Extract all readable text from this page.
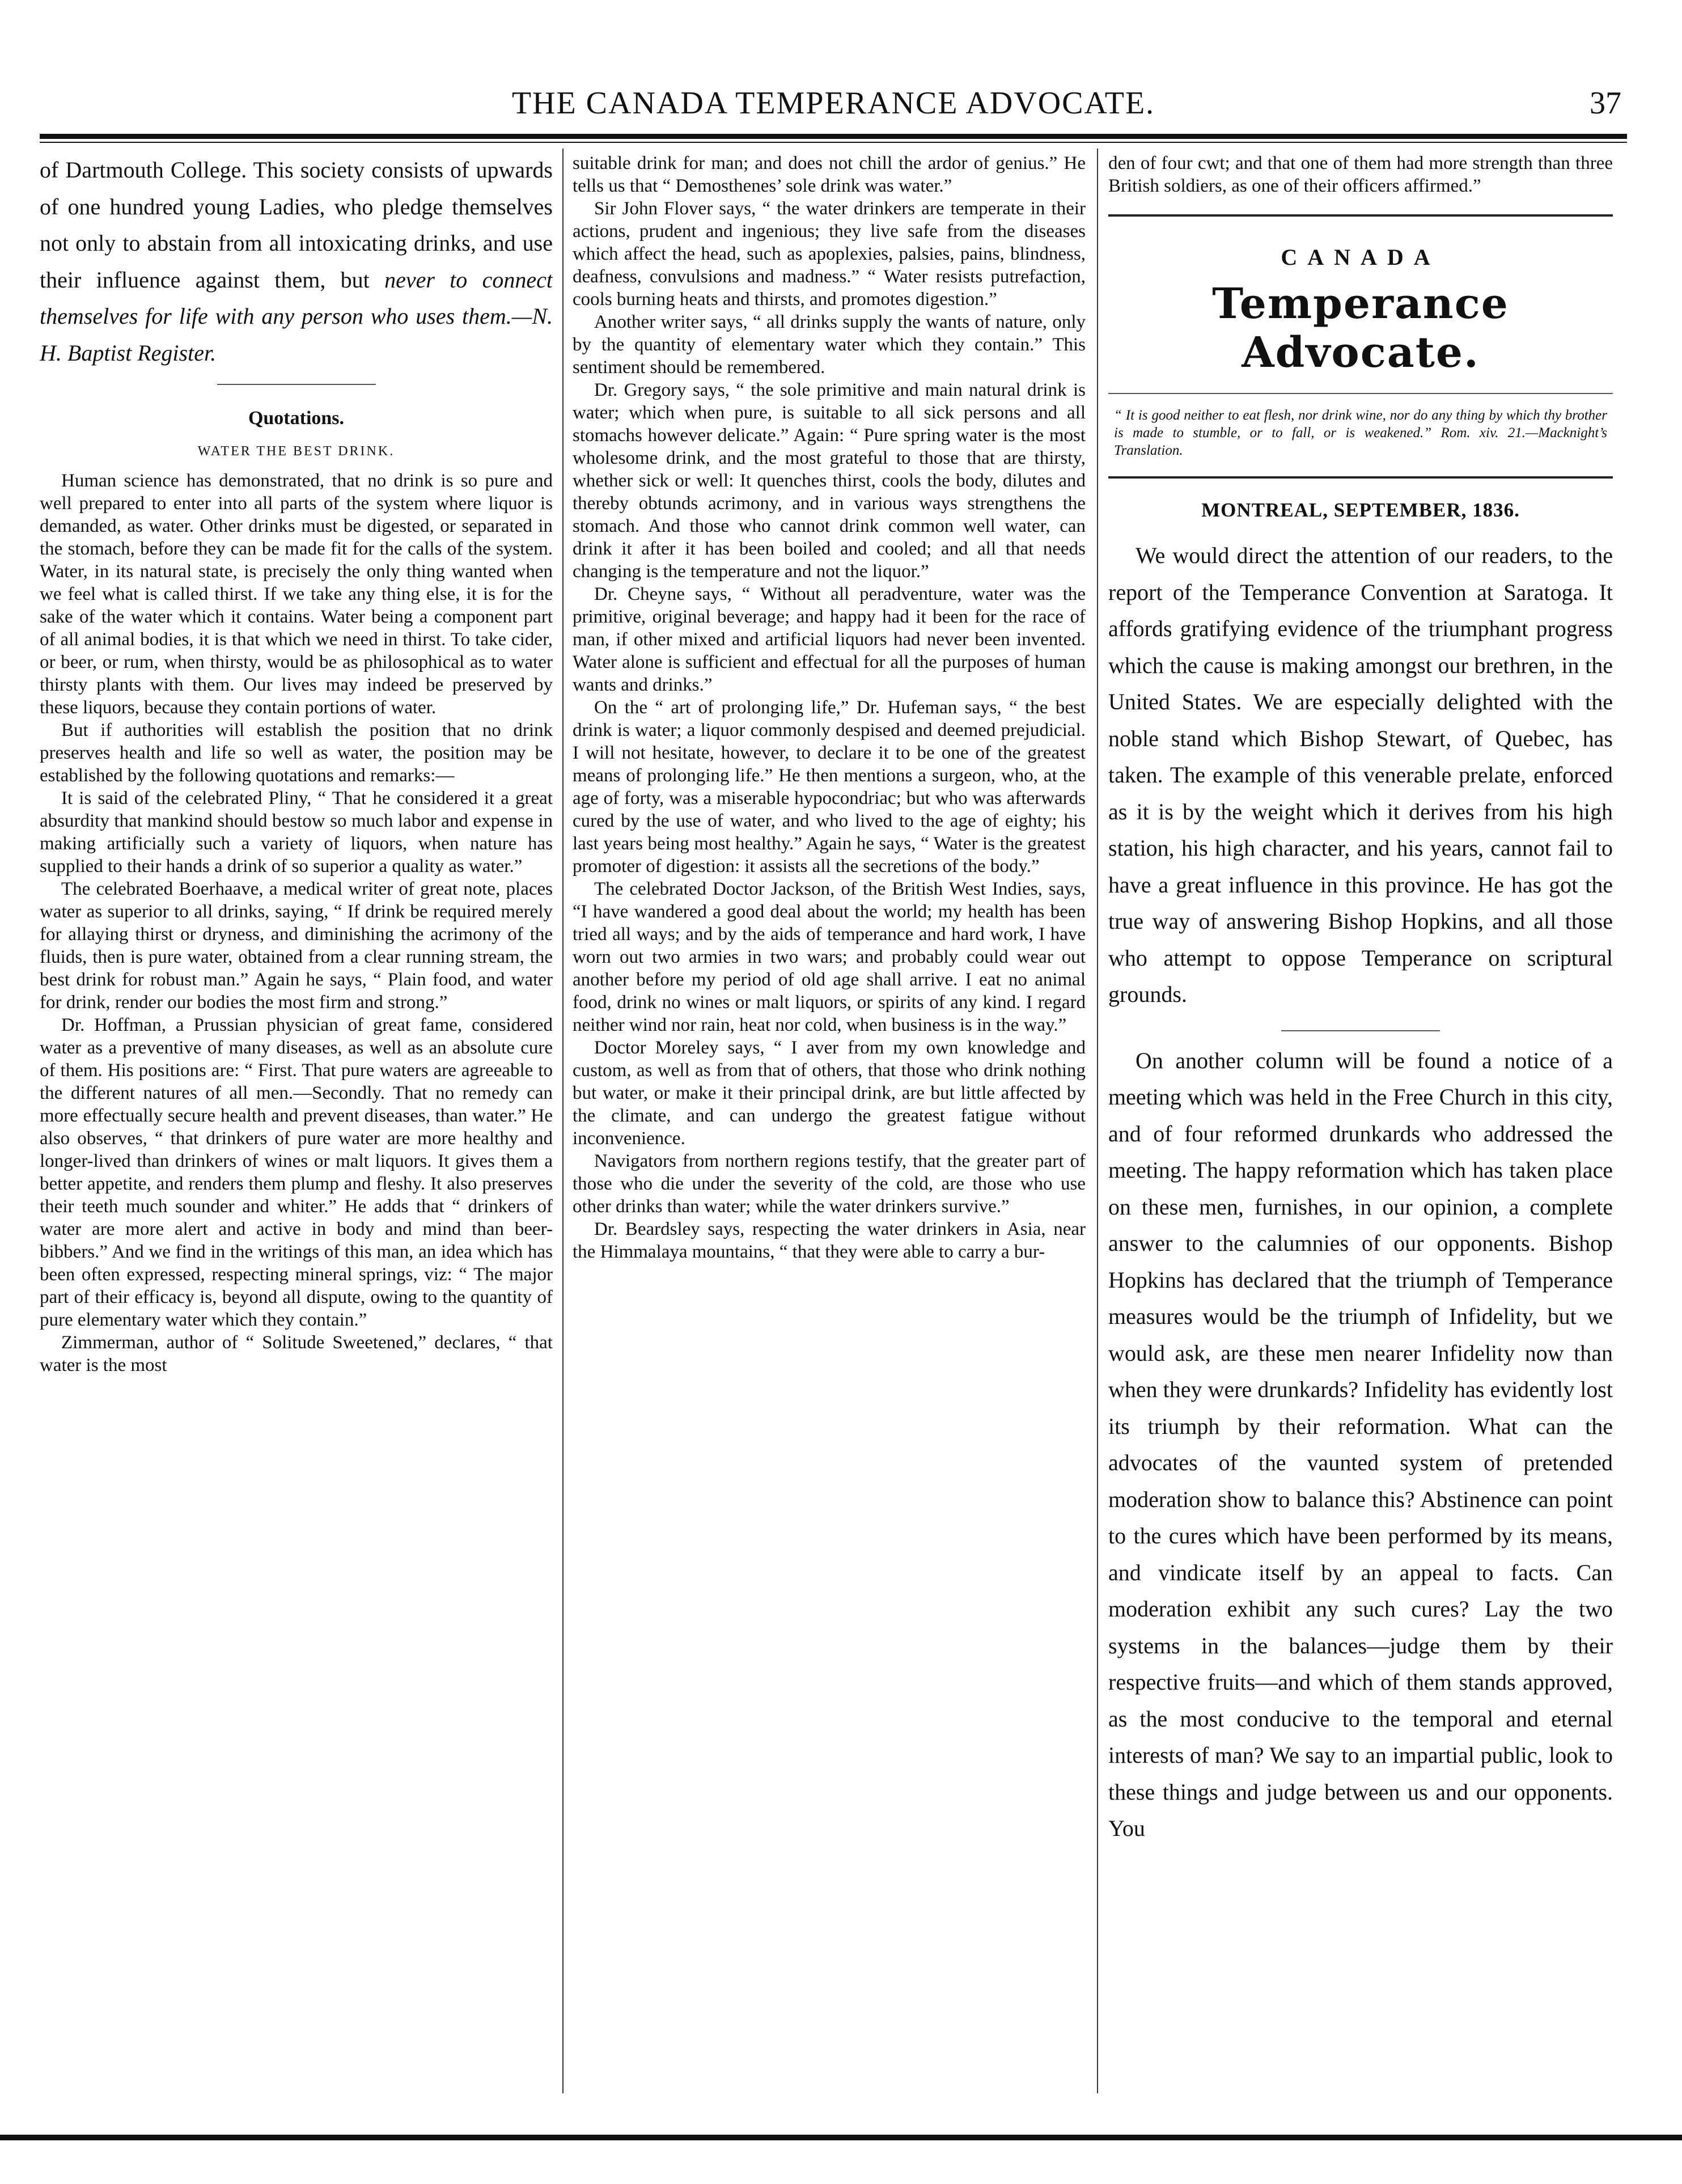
THE CANADA TEMPERANCE ADVOCATE.	37

of Dartmouth College. This society consists of upwards of one hundred young Ladies, who pledge themselves not only to abstain from all intoxicating drinks, and use their influence against them, but never to connect themselves for life with any person who uses them.—N. H. Baptist Register.

Quotations.
WATER THE BEST DRINK.

Human science has demonstrated, that no drink is so pure and well prepared to enter into all parts of the system where liquor is demanded, as water. Other drinks must be digested, or separated in the stomach, before they can be made fit for the calls of the system. Water, in its natural state, is precisely the only thing wanted when we feel what is called thirst. If we take any thing else, it is for the sake of the water which it contains. Water being a component part of all animal bodies, it is that which we need in thirst. To take cider, or beer, or rum, when thirsty, would be as philosophical as to water thirsty plants with them. Our lives may indeed be preserved by these liquors, because they contain portions of water.

But if authorities will establish the position that no drink preserves health and life so well as water, the position may be established by the following quotations and remarks:—

It is said of the celebrated Pliny, “ That he considered it a great absurdity that mankind should bestow so much labor and expense in making artificially such a variety of liquors, when nature has supplied to their hands a drink of so superior a quality as water.”

The celebrated Boerhaave, a medical writer of great note, places water as superior to all drinks, saying, “ If drink be required merely for allaying thirst or dryness, and diminishing the acrimony of the fluids, then is pure water, obtained from a clear running stream, the best drink for robust man.” Again he says, “ Plain food, and water for drink, render our bodies the most firm and strong.”

Dr. Hoffman, a Prussian physician of great fame, considered water as a preventive of many diseases, as well as an absolute cure of them. His positions are: “ First. That pure waters are agreeable to the different natures of all men.—Secondly. That no remedy can more effectually secure health and prevent diseases, than water.” He also observes, “ that drinkers of pure water are more healthy and longer-lived than drinkers of wines or malt liquors. It gives them a better appetite, and renders them plump and fleshy. It also preserves their teeth much sounder and whiter.” He adds that “ drinkers of water are more alert and active in body and mind than beer-bibbers.” And we find in the writings of this man, an idea which has been often expressed, respecting mineral springs, viz: “ The major part of their efficacy is, beyond all dispute, owing to the quantity of pure elementary water which they contain.”

Zimmerman, author of “ Solitude Sweetened,” declares, “ that water is the most

suitable drink for man; and does not chill the ardor of genius.” He tells us that “ Demosthenes’ sole drink was water.”

Sir John Flover says, “ the water drinkers are temperate in their actions, prudent and ingenious; they live safe from the diseases which affect the head, such as apoplexies, palsies, pains, blindness, deafness, convulsions and madness.” “ Water resists putrefaction, cools burning heats and thirsts, and promotes digestion.”

Another writer says, “ all drinks supply the wants of nature, only by the quantity of elementary water which they contain.” This sentiment should be remembered.

Dr. Gregory says, “ the sole primitive and main natural drink is water; which when pure, is suitable to all sick persons and all stomachs however delicate.” Again: “ Pure spring water is the most wholesome drink, and the most grateful to those that are thirsty, whether sick or well: It quenches thirst, cools the body, dilutes and thereby obtunds acrimony, and in various ways strengthens the stomach. And those who cannot drink common well water, can drink it after it has been boiled and cooled; and all that needs changing is the temperature and not the liquor.”

Dr. Cheyne says, “ Without all peradventure, water was the primitive, original beverage; and happy had it been for the race of man, if other mixed and artificial liquors had never been invented. Water alone is sufficient and effectual for all the purposes of human wants and drinks.”

On the “ art of prolonging life,” Dr. Hufeman says, “ the best drink is water; a liquor commonly despised and deemed prejudicial. I will not hesitate, however, to declare it to be one of the greatest means of prolonging life.” He then mentions a surgeon, who, at the age of forty, was a miserable hypocondriac; but who was afterwards cured by the use of water, and who lived to the age of eighty; his last years being most healthy.” Again he says, “ Water is the greatest promoter of digestion: it assists all the secretions of the body.”

The celebrated Doctor Jackson, of the British West Indies, says, “I have wandered a good deal about the world; my health has been tried all ways; and by the aids of temperance and hard work, I have worn out two armies in two wars; and probably could wear out another before my period of old age shall arrive. I eat no animal food, drink no wines or malt liquors, or spirits of any kind. I regard neither wind nor rain, heat nor cold, when business is in the way.”

Doctor Moreley says, “ I aver from my own knowledge and custom, as well as from that of others, that those who drink nothing but water, or make it their principal drink, are but little affected by the climate, and can undergo the greatest fatigue without inconvenience.

Navigators from northern regions testify, that the greater part of those who die under the severity of the cold, are those who use other drinks than water; while the water drinkers survive.”

Dr. Beardsley says, respecting the water drinkers in Asia, near the Himmalaya mountains, “ that they were able to carry a bur-

den of four cwt; and that one of them had more strength than three British soldiers, as one of their officers affirmed.”

CANADA
Temperance Advocate.
“ It is good neither to eat flesh, nor drink wine, nor do any thing by which thy brother is made to stumble, or to fall, or is weakened.” Rom. xiv. 21.—Macknight’s Translation.
MONTREAL, SEPTEMBER, 1836.

We would direct the attention of our readers, to the report of the Temperance Convention at Saratoga. It affords gratifying evidence of the triumphant progress which the cause is making amongst our brethren, in the United States. We are especially delighted with the noble stand which Bishop Stewart, of Quebec, has taken. The example of this venerable prelate, enforced as it is by the weight which it derives from his high station, his high character, and his years, cannot fail to have a great influence in this province. He has got the true way of answering Bishop Hopkins, and all those who attempt to oppose Temperance on scriptural grounds.

On another column will be found a notice of a meeting which was held in the Free Church in this city, and of four reformed drunkards who addressed the meeting. The happy reformation which has taken place on these men, furnishes, in our opinion, a complete answer to the calumnies of our opponents. Bishop Hopkins has declared that the triumph of Temperance measures would be the triumph of Infidelity, but we would ask, are these men nearer Infidelity now than when they were drunkards? Infidelity has evidently lost its triumph by their reformation. What can the advocates of the vaunted system of pretended moderation show to balance this? Abstinence can point to the cures which have been performed by its means, and vindicate itself by an appeal to facts. Can moderation exhibit any such cures? Lay the two systems in the balances—judge them by their respective fruits—and which of them stands approved, as the most conducive to the temporal and eternal interests of man? We say to an impartial public, look to these things and judge between us and our opponents. You
